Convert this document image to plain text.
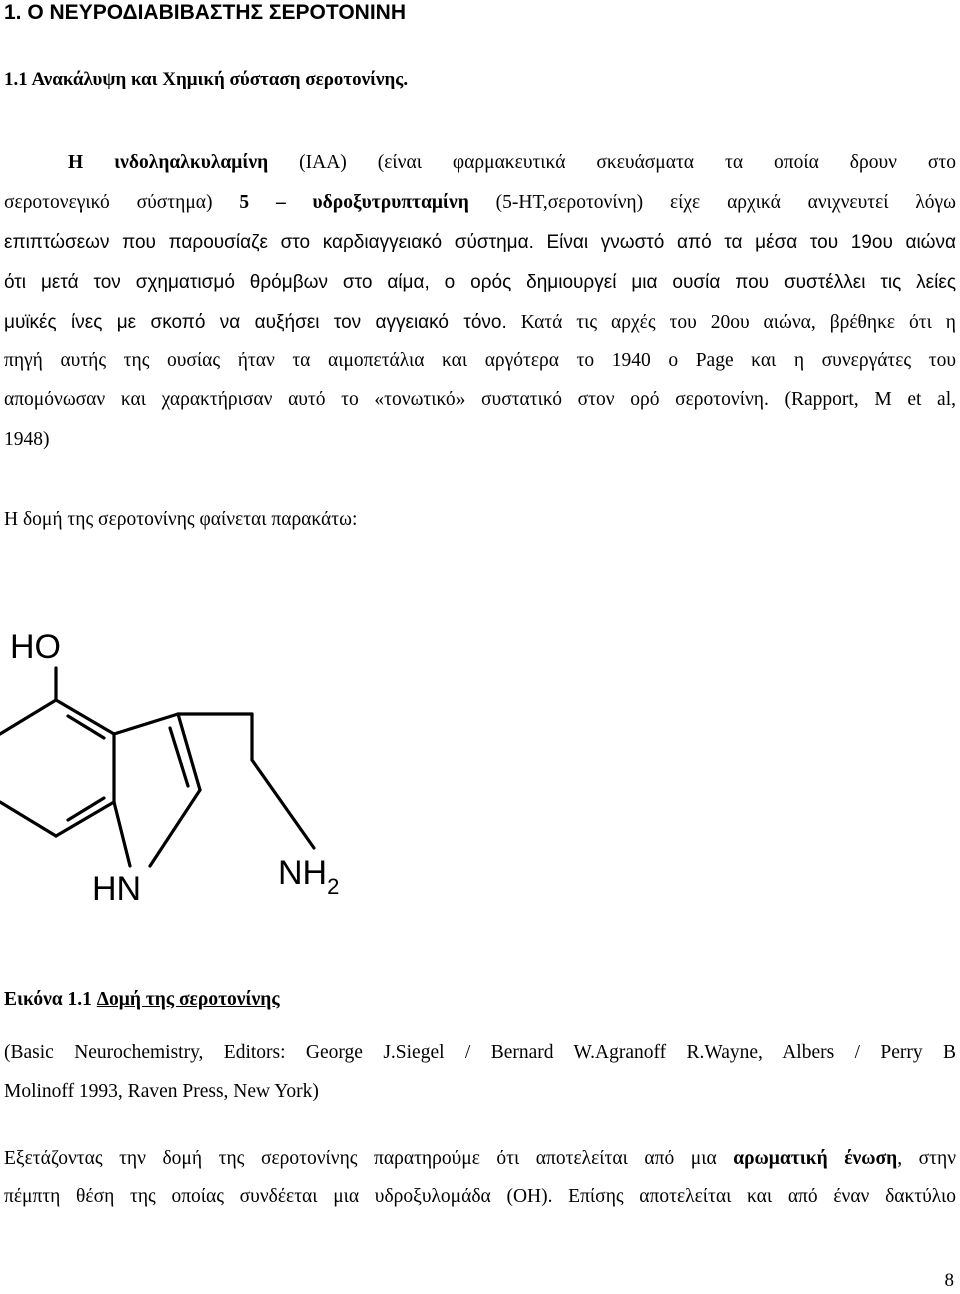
1. Ο ΝΕΥΡΟΔΙΑΒΙΒΑΣΤΗΣ ΣΕΡΟΤΟΝΙΝΗ
1.1 Ανακάλυψη και Χημική σύσταση σεροτονίνης.
Η ινδοληαλκυλαμίνη (IAA) (είναι φαρμακευτικά σκευάσματα τα οποία δρουν στο
σεροτονεγικό σύστημα) 5 – υδροξυτρυπταμίνη (5-HT,σεροτονίνη) είχε αρχικά ανιχνευτεί λόγω
επιπτώσεων που παρουσίαζε στο καρδιαγγειακό σύστημα. Είναι γνωστό από τα μέσα του 19ου αιώνα
ότι μετά τον σχηματισμό θρόμβων στο αίμα, ο ορός δημιουργεί μια ουσία που συστέλλει τις λείες
μυϊκές ίνες με σκοπό να αυξήσει τον αγγειακό τόνο. Κατά τις αρχές του 20ου αιώνα, βρέθηκε ότι η
πηγή αυτής της ουσίας ήταν τα αιμοπετάλια και αργότερα το 1940 ο Page και η συνεργάτες του
απομόνωσαν και χαρακτήρισαν αυτό το «τονωτικό» συστατικό στον ορό σεροτονίνη. (Rapport, M et al,
1948)
Η δομή της σεροτονίνης φαίνεται παρακάτω:
HO
HN	$NH_2$
Εικόνα 1.1 Δομή της σεροτονίνης
(Basic Neurochemistry, Editors: George J.Siegel / Bernard W.Agranoff R.Wayne, Albers / Perry B
Molinoff 1993, Raven Press, New York)
Εξετάζοντας την δομή της σεροτονίνης παρατηρούμε ότι αποτελείται από μια αρωματική ένωση, στην
πέμπτη θέση της οποίας συνδέεται μια υδροξυλομάδα (OH). Επίσης αποτελείται και από έναν δακτύλιο
8
